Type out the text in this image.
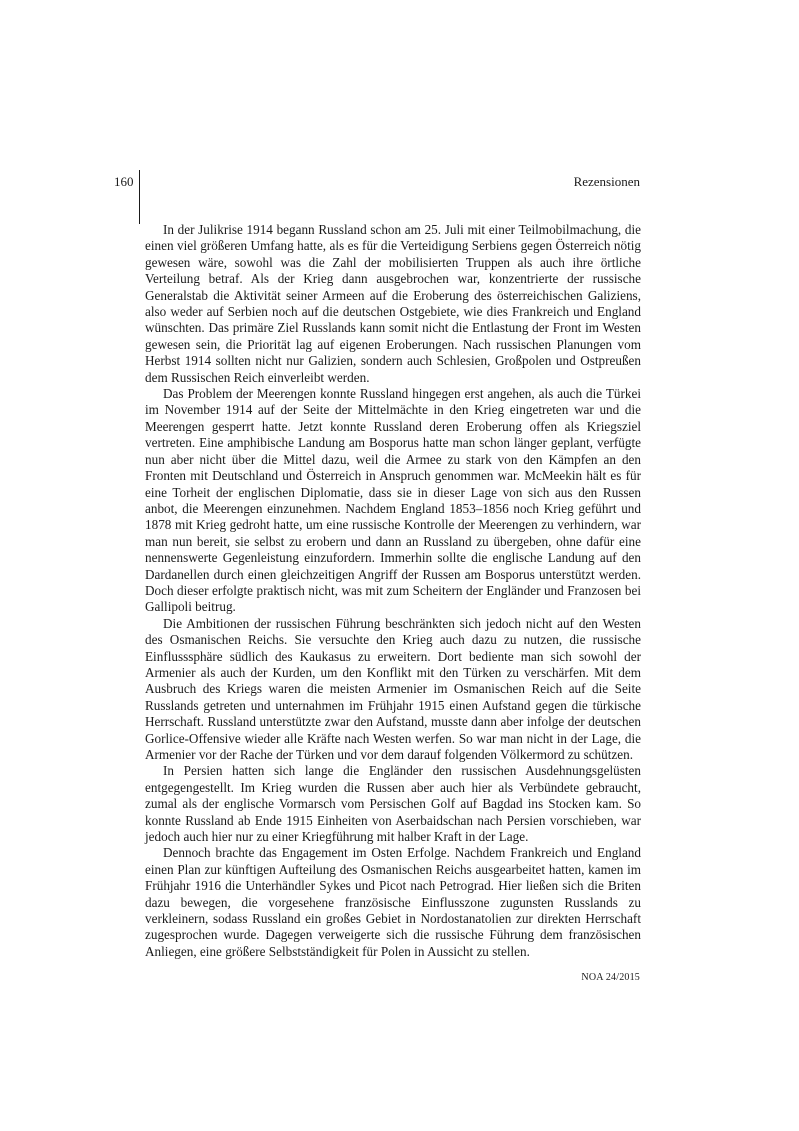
160	Rezensionen

In der Julikrise 1914 begann Russland schon am 25. Juli mit einer Teilmobilmachung, die einen viel größeren Umfang hatte, als es für die Verteidigung Serbiens gegen Österreich nötig gewesen wäre, sowohl was die Zahl der mobilisierten Truppen als auch ihre örtliche Verteilung betraf. Als der Krieg dann ausgebrochen war, konzentrierte der russische Generalstab die Aktivität seiner Armeen auf die Eroberung des österreichischen Galiziens, also weder auf Serbien noch auf die deutschen Ostgebiete, wie dies Frankreich und England wünschten. Das primäre Ziel Russlands kann somit nicht die Entlastung der Front im Westen gewesen sein, die Priorität lag auf eigenen Eroberungen. Nach russischen Planungen vom Herbst 1914 sollten nicht nur Galizien, sondern auch Schlesien, Großpolen und Ostpreußen dem Russischen Reich einverleibt werden.

Das Problem der Meerengen konnte Russland hingegen erst angehen, als auch die Türkei im November 1914 auf der Seite der Mittelmächte in den Krieg eingetreten war und die Meerengen gesperrt hatte. Jetzt konnte Russland deren Eroberung offen als Kriegsziel vertreten. Eine amphibische Landung am Bosporus hatte man schon länger geplant, verfügte nun aber nicht über die Mittel dazu, weil die Armee zu stark von den Kämpfen an den Fronten mit Deutschland und Österreich in Anspruch genommen war. McMeekin hält es für eine Torheit der englischen Diplomatie, dass sie in dieser Lage von sich aus den Russen anbot, die Meerengen einzunehmen. Nachdem England 1853–1856 noch Krieg geführt und 1878 mit Krieg gedroht hatte, um eine russische Kontrolle der Meerengen zu verhindern, war man nun bereit, sie selbst zu erobern und dann an Russland zu übergeben, ohne dafür eine nennenswerte Gegenleistung einzufordern. Immerhin sollte die englische Landung auf den Dardanellen durch einen gleichzeitigen Angriff der Russen am Bosporus unterstützt werden. Doch dieser erfolgte praktisch nicht, was mit zum Scheitern der Engländer und Franzosen bei Gallipoli beitrug.

Die Ambitionen der russischen Führung beschränkten sich jedoch nicht auf den Westen des Osmanischen Reichs. Sie versuchte den Krieg auch dazu zu nutzen, die russische Einflusssphäre südlich des Kaukasus zu erweitern. Dort bediente man sich sowohl der Armenier als auch der Kurden, um den Konflikt mit den Türken zu verschärfen. Mit dem Ausbruch des Kriegs waren die meisten Armenier im Osmanischen Reich auf die Seite Russlands getreten und unternahmen im Frühjahr 1915 einen Aufstand gegen die türkische Herrschaft. Russland unterstützte zwar den Aufstand, musste dann aber infolge der deutschen Gorlice-Offensive wieder alle Kräfte nach Westen werfen. So war man nicht in der Lage, die Armenier vor der Rache der Türken und vor dem darauf folgenden Völkermord zu schützen.

In Persien hatten sich lange die Engländer den russischen Ausdehnungsgelüsten entgegengestellt. Im Krieg wurden die Russen aber auch hier als Verbündete gebraucht, zumal als der englische Vormarsch vom Persischen Golf auf Bagdad ins Stocken kam. So konnte Russland ab Ende 1915 Einheiten von Aserbaidschan nach Persien vorschieben, war jedoch auch hier nur zu einer Kriegführung mit halber Kraft in der Lage.

Dennoch brachte das Engagement im Osten Erfolge. Nachdem Frankreich und England einen Plan zur künftigen Aufteilung des Osmanischen Reichs ausgearbeitet hatten, kamen im Frühjahr 1916 die Unterhändler Sykes und Picot nach Petrograd. Hier ließen sich die Briten dazu bewegen, die vorgesehene französische Einflusszone zugunsten Russlands zu verkleinern, sodass Russland ein großes Gebiet in Nordostanatolien zur direkten Herrschaft zugesprochen wurde. Dagegen verweigerte sich die russische Führung dem französischen Anliegen, eine größere Selbstständigkeit für Polen in Aussicht zu stellen.

NOA 24/2015
